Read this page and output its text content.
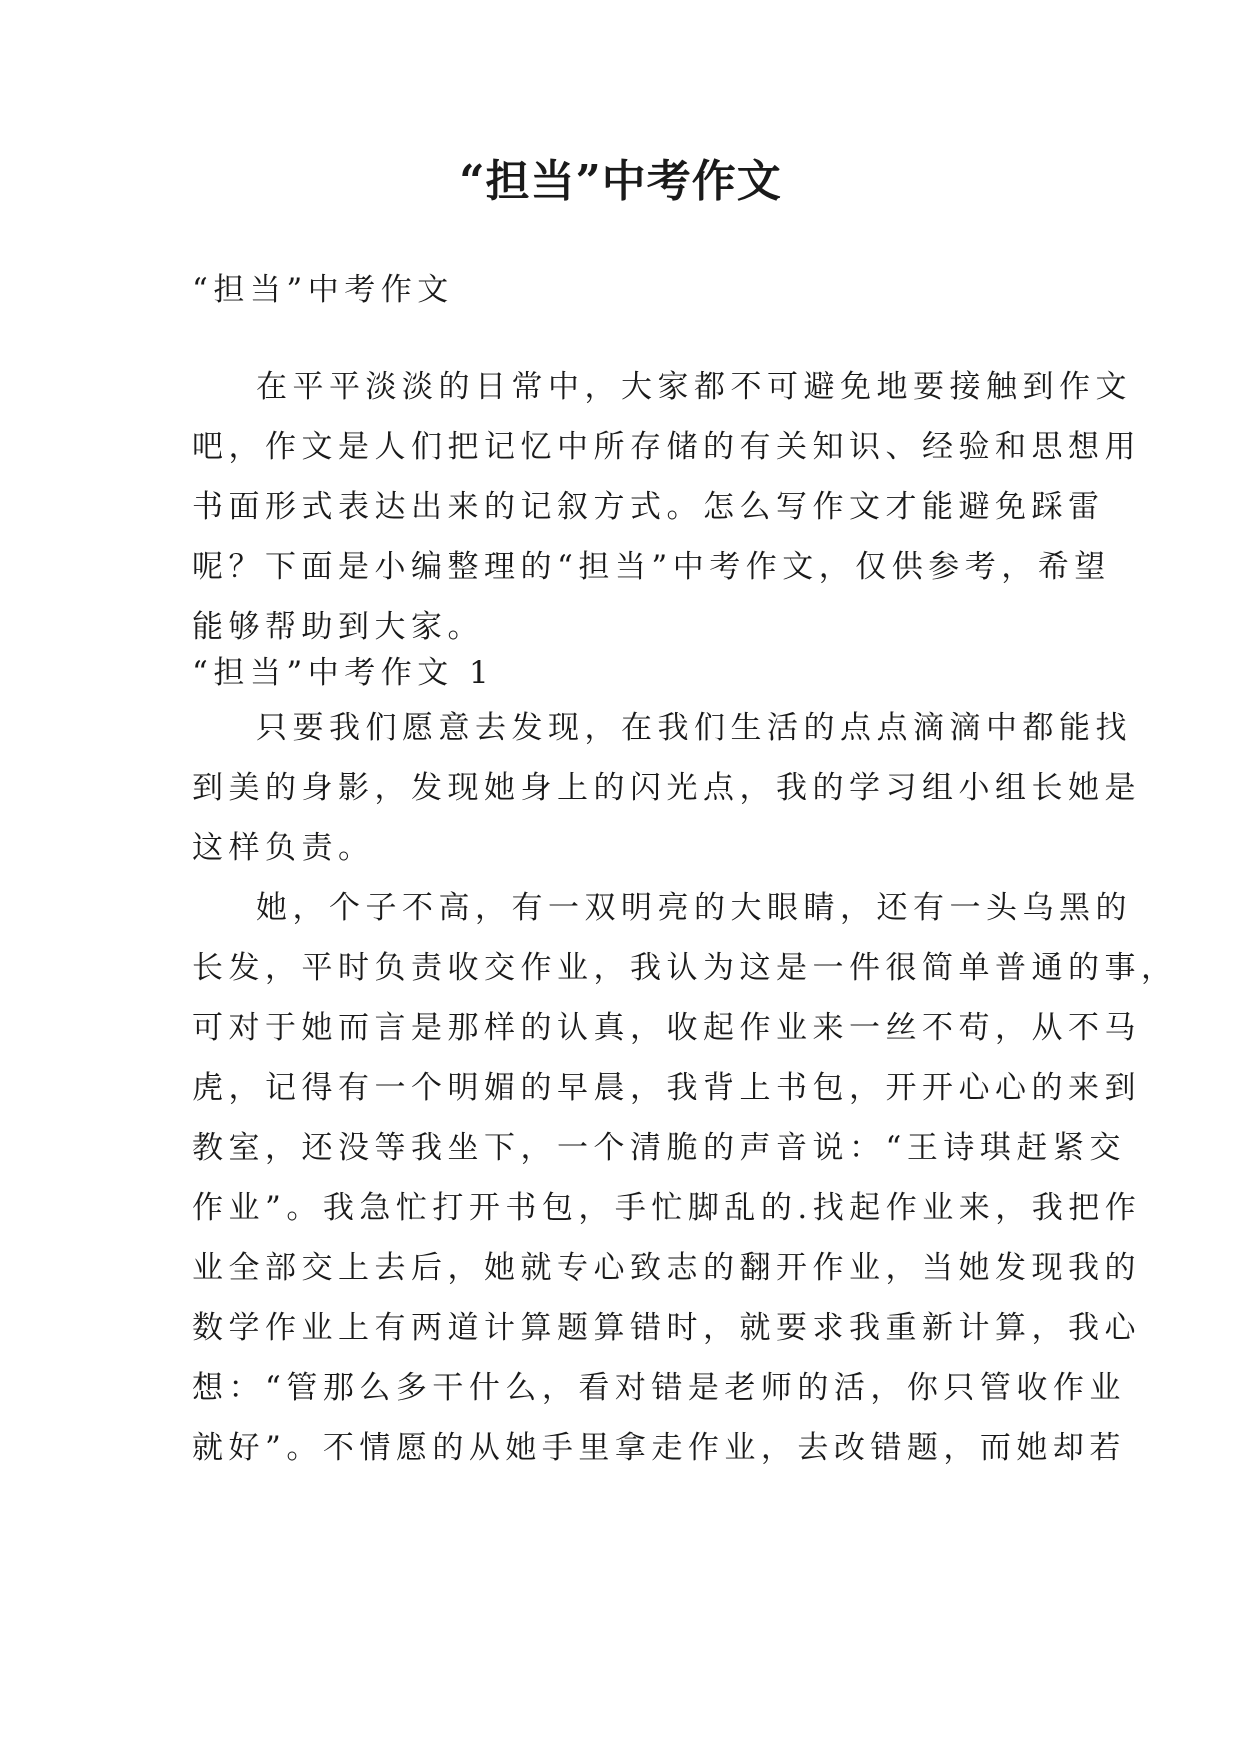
“担当”中考作文

“担当”中考作文

在平平淡淡的日常中，大家都不可避免地要接触到作文
吧，作文是人们把记忆中所存储的有关知识、经验和思想用
书面形式表达出来的记叙方式。怎么写作文才能避免踩雷
呢？下面是小编整理的“担当”中考作文，仅供参考，希望
能够帮助到大家。

“担当”中考作文 1

只要我们愿意去发现，在我们生活的点点滴滴中都能找
到美的身影，发现她身上的闪光点，我的学习组小组长她是
这样负责。
她，个子不高，有一双明亮的大眼睛，还有一头乌黑的
长发，平时负责收交作业，我认为这是一件很简单普通的事，
可对于她而言是那样的认真，收起作业来一丝不苟，从不马
虎，记得有一个明媚的早晨，我背上书包，开开心心的来到
教室，还没等我坐下，一个清脆的声音说：“王诗琪赶紧交
作业”。我急忙打开书包，手忙脚乱的.找起作业来，我把作
业全部交上去后，她就专心致志的翻开作业，当她发现我的
数学作业上有两道计算题算错时，就要求我重新计算，我心
想：“管那么多干什么，看对错是老师的活，你只管收作业
就好”。不情愿的从她手里拿走作业，去改错题，而她却若
